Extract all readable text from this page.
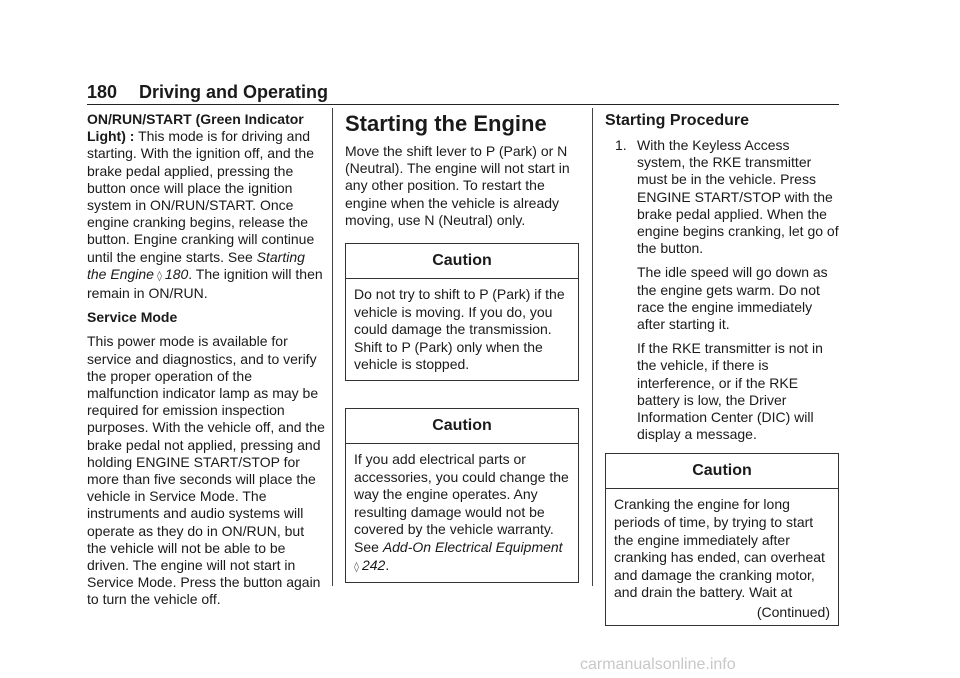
180 Driving and Operating

ON/RUN/START (Green Indicator Light) : This mode is for driving and starting. With the ignition off, and the brake pedal applied, pressing the button once will place the ignition system in ON/RUN/START. Once engine cranking begins, release the button. Engine cranking will continue until the engine starts. See Starting the Engine ◊ 180. The ignition will then remain in ON/RUN.

Service Mode

This power mode is available for service and diagnostics, and to verify the proper operation of the malfunction indicator lamp as may be required for emission inspection purposes. With the vehicle off, and the brake pedal not applied, pressing and holding ENGINE START/STOP for more than five seconds will place the vehicle in Service Mode. The instruments and audio systems will operate as they do in ON/RUN, but the vehicle will not be able to be driven. The engine will not start in Service Mode. Press the button again to turn the vehicle off.

Starting the Engine

Move the shift lever to P (Park) or N (Neutral). The engine will not start in any other position. To restart the engine when the vehicle is already moving, use N (Neutral) only.

Caution
Do not try to shift to P (Park) if the vehicle is moving. If you do, you could damage the transmission. Shift to P (Park) only when the vehicle is stopped.
Caution
If you add electrical parts or accessories, you could change the way the engine operates. Any resulting damage would not be covered by the vehicle warranty. See Add-On Electrical Equipment
◊ 242.
Starting Procedure
1. With the Keyless Access system, the RKE transmitter must be in the vehicle. Press ENGINE START/STOP with the brake pedal applied. When the engine begins cranking, let go of the button.

The idle speed will go down as the engine gets warm. Do not race the engine immediately after starting it.

If the RKE transmitter is not in the vehicle, if there is interference, or if the RKE battery is low, the Driver Information Center (DIC) will display a message.

Caution
Cranking the engine for long periods of time, by trying to start the engine immediately after cranking has ended, can overheat and damage the cranking motor, and drain the battery. Wait at
(Continued)
carmanualsonline.info
